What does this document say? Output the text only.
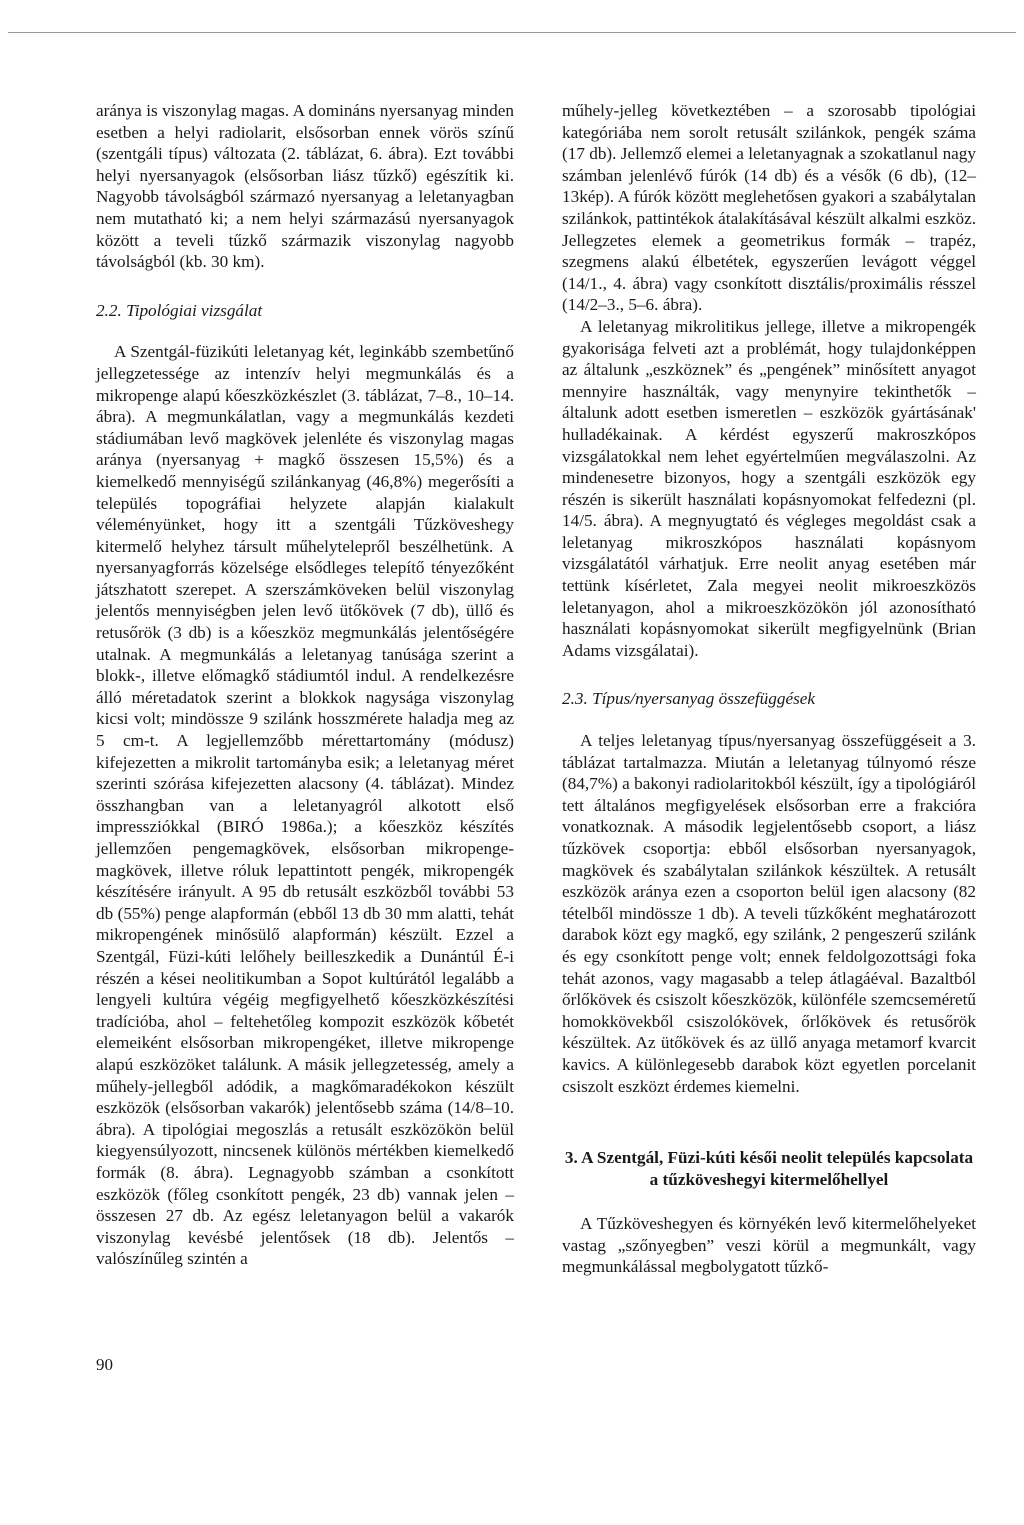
aránya is viszonylag magas. A domináns nyersanyag minden esetben a helyi radiolarit, elsősorban ennek vörös színű (szentgáli típus) változata (2. táblázat, 6. ábra). Ezt további helyi nyersanyagok (elsősorban liász tűzkő) egészítik ki. Nagyobb távolságból származó nyersanyag a leletanyagban nem mutatható ki; a nem helyi származású nyersanyagok között a teveli tűzkő származik viszonylag nagyobb távolságból (kb. 30 km).

2.2. Tipológiai vizsgálat

A Szentgál-füzikúti leletanyag két, leginkább szembetűnő jellegzetessége az intenzív helyi megmunkálás és a mikropenge alapú kőeszközkészlet (3. táblázat, 7–8., 10–14. ábra). A megmunkálatlan, vagy a megmunkálás kezdeti stádiumában levő magkövek jelenléte és viszonylag magas aránya (nyersanyag + magkő összesen 15,5%) és a kiemelkedő mennyiségű szilánkanyag (46,8%) megerősíti a település topográfiai helyzete alapján kialakult véleményünket, hogy itt a szentgáli Tűzköveshegy kitermelő helyhez társult műhelytelepről beszélhetünk. A nyersanyagforrás közelsége elsődleges telepítő tényezőként játszhatott szerepet. A szerszámköveken belül viszonylag jelentős mennyiségben jelen levő ütőkövek (7 db), üllő és retusőrök (3 db) is a kőeszköz megmunkálás jelentőségére utalnak. A megmunkálás a leletanyag tanúsága szerint a blokk-, illetve előmagkő stádiumtól indul. A rendelkezésre álló méretadatok szerint a blokkok nagysága viszonylag kicsi volt; mindössze 9 szilánk hosszmérete haladja meg az 5 cm-t. A legjellemzőbb mérettartomány (módusz) kifejezetten a mikrolit tartományba esik; a leletanyag méret szerinti szórása kifejezetten alacsony (4. táblázat). Mindez összhangban van a leletanyagról alkotott első impressziókkal (BIRÓ 1986a.); a kőeszköz készítés jellemzően pengemagkövek, elsősorban mikropenge-magkövek, illetve róluk lepattintott pengék, mikropengék készítésére irányult. A 95 db retusált eszközből további 53 db (55%) penge alapformán (ebből 13 db 30 mm alatti, tehát mikropengének minősülő alapformán) készült. Ezzel a Szentgál, Füzi-kúti lelőhely beilleszkedik a Dunántúl É-i részén a kései neolitikumban a Sopot kultúrától legalább a lengyeli kultúra végéig megfigyelhető kőeszközkészítési tradícióba, ahol – feltehetőleg kompozit eszközök kőbetét elemeiként elsősorban mikropengéket, illetve mikropenge alapú eszközöket találunk. A másik jellegzetesség, amely a műhely-jellegből adódik, a magkőmaradékokon készült eszközök (elsősorban vakarók) jelentősebb száma (14/8–10. ábra). A tipológiai megoszlás a retusált eszközökön belül kiegyensúlyozott, nincsenek különös mértékben kiemelkedő formák (8. ábra). Legnagyobb számban a csonkított eszközök (főleg csonkított pengék, 23 db) vannak jelen – összesen 27 db. Az egész leletanyagon belül a vakarók viszonylag kevésbé jelentősek (18 db). Jelentős – valószínűleg szintén a

műhely-jelleg következtében – a szorosabb tipológiai kategóriába nem sorolt retusált szilánkok, pengék száma (17 db). Jellemző elemei a leletanyagnak a szokatlanul nagy számban jelenlévő fúrók (14 db) és a vésők (6 db), (12–13kép). A fúrók között meglehetősen gyakori a szabálytalan szilánkok, pattintékok átalakításával készült alkalmi eszköz. Jellegzetes elemek a geometrikus formák – trapéz, szegmens alakú élbetétek, egyszerűen levágott véggel (14/1., 4. ábra) vagy csonkított disztális/proximális résszel (14/2–3., 5–6. ábra).

A leletanyag mikrolitikus jellege, illetve a mikropengék gyakorisága felveti azt a problémát, hogy tulajdonképpen az általunk „eszköznek” és „pengének” minősített anyagot mennyire használták, vagy menynyire tekinthetők – általunk adott esetben ismeretlen – eszközök gyártásának' hulladékainak. A kérdést egyszerű makroszkópos vizsgálatokkal nem lehet egyértelműen megválaszolni. Az mindenesetre bizonyos, hogy a szentgáli eszközök egy részén is sikerült használati kopásnyomokat felfedezni (pl. 14/5. ábra). A megnyugtató és végleges megoldást csak a leletanyag mikroszkópos használati kopásnyom vizsgálatától várhatjuk. Erre neolit anyag esetében már tettünk kísérletet, Zala megyei neolit mikroeszközös leletanyagon, ahol a mikroeszközökön jól azonosítható használati kopásnyomokat sikerült megfigyelnünk (Brian Adams vizsgálatai).

2.3. Típus/nyersanyag összefüggések

A teljes leletanyag típus/nyersanyag összefüggéseit a 3. táblázat tartalmazza. Miután a leletanyag túlnyomó része (84,7%) a bakonyi radiolaritokból készült, így a tipológiáról tett általános megfigyelések elsősorban erre a frakcióra vonatkoznak. A második legjelentősebb csoport, a liász tűzkövek csoportja: ebből elsősorban nyersanyagok, magkövek és szabálytalan szilánkok készültek. A retusált eszközök aránya ezen a csoporton belül igen alacsony (82 tételből mindössze 1 db). A teveli tűzkőként meghatározott darabok közt egy magkő, egy szilánk, 2 pengeszerű szilánk és egy csonkított penge volt; ennek feldolgozottsági foka tehát azonos, vagy magasabb a telep átlagáéval. Bazaltból őrlőkövek és csiszolt kőeszközök, különféle szemcseméretű homokkövekből csiszolókövek, őrlőkövek és retusőrök készültek. Az ütőkövek és az üllő anyaga metamorf kvarcit kavics. A különlegesebb darabok közt egyetlen porcelanit csiszolt eszközt érdemes kiemelni.

3. A Szentgál, Füzi-kúti késői neolit település kapcsolata a tűzköveshegyi kitermelőhellyel

A Tűzköveshegyen és környékén levő kitermelőhelyeket vastag „szőnyegben” veszi körül a megmunkált, vagy megmunkálással megbolygatott tűzkő-

90
